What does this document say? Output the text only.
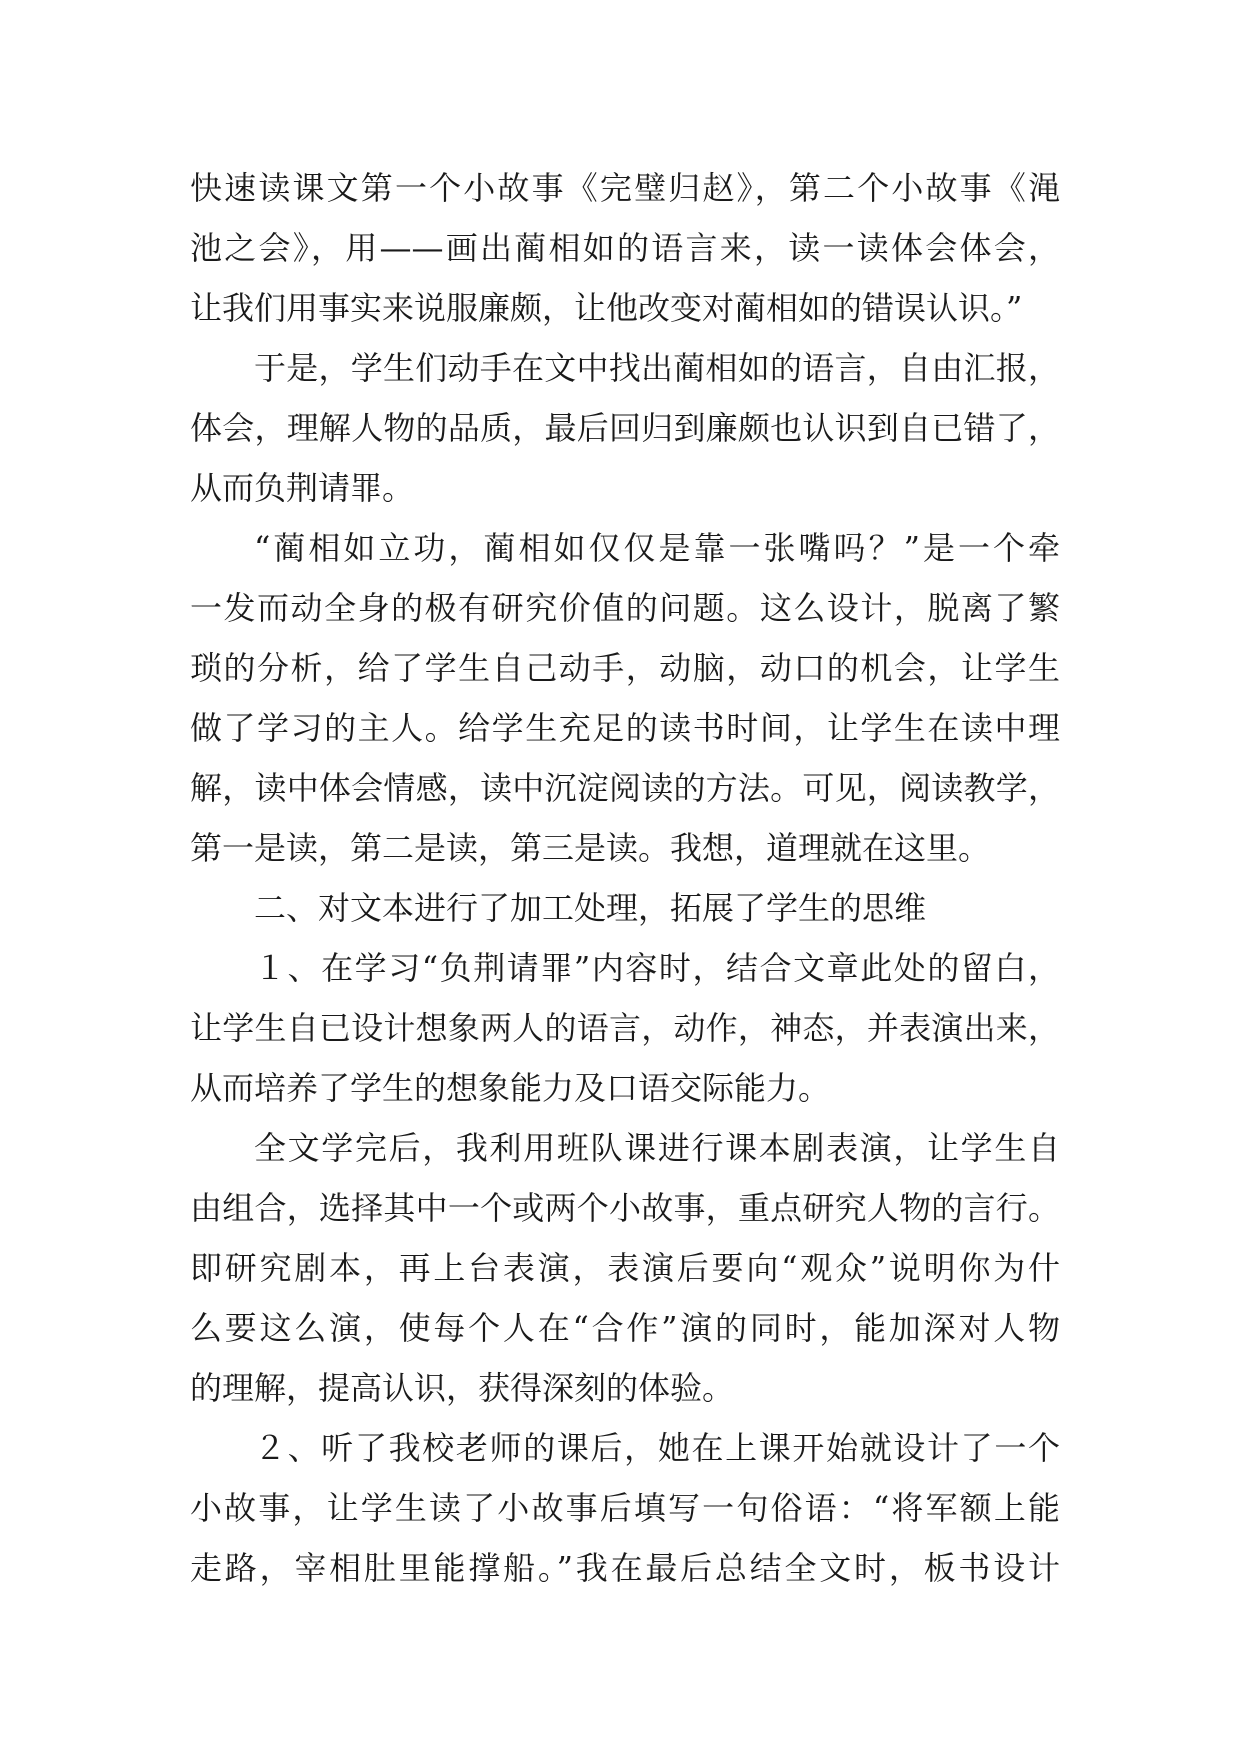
快速读课文第一个小故事《完璧归赵》，第二个小故事《渑
池之会》，用——画出蔺相如的语言来，读一读体会体会，
让我们用事实来说服廉颇，让他改变对蔺相如的错误认识。”
于是，学生们动手在文中找出蔺相如的语言，自由汇报，
体会，理解人物的品质，最后回归到廉颇也认识到自已错了，
从而负荆请罪。
“蔺相如立功，蔺相如仅仅是靠一张嘴吗？”是一个牵
一发而动全身的极有研究价值的问题。这么设计，脱离了繁
琐的分析，给了学生自己动手，动脑，动口的机会，让学生
做了学习的主人。给学生充足的读书时间，让学生在读中理
解，读中体会情感，读中沉淀阅读的方法。可见，阅读教学，
第一是读，第二是读，第三是读。我想，道理就在这里。
二、对文本进行了加工处理，拓展了学生的思维
１、在学习“负荆请罪”内容时，结合文章此处的留白，
让学生自已设计想象两人的语言，动作，神态，并表演出来，
从而培养了学生的想象能力及口语交际能力。
全文学完后，我利用班队课进行课本剧表演，让学生自
由组合，选择其中一个或两个小故事，重点研究人物的言行。
即研究剧本，再上台表演，表演后要向“观众”说明你为什
么要这么演，使每个人在“合作”演的同时，能加深对人物
的理解，提高认识，获得深刻的体验。
２、听了我校老师的课后，她在上课开始就设计了一个
小故事，让学生读了小故事后填写一句俗语：“将军额上能
走路，宰相肚里能撑船。”我在最后总结全文时，板书设计
